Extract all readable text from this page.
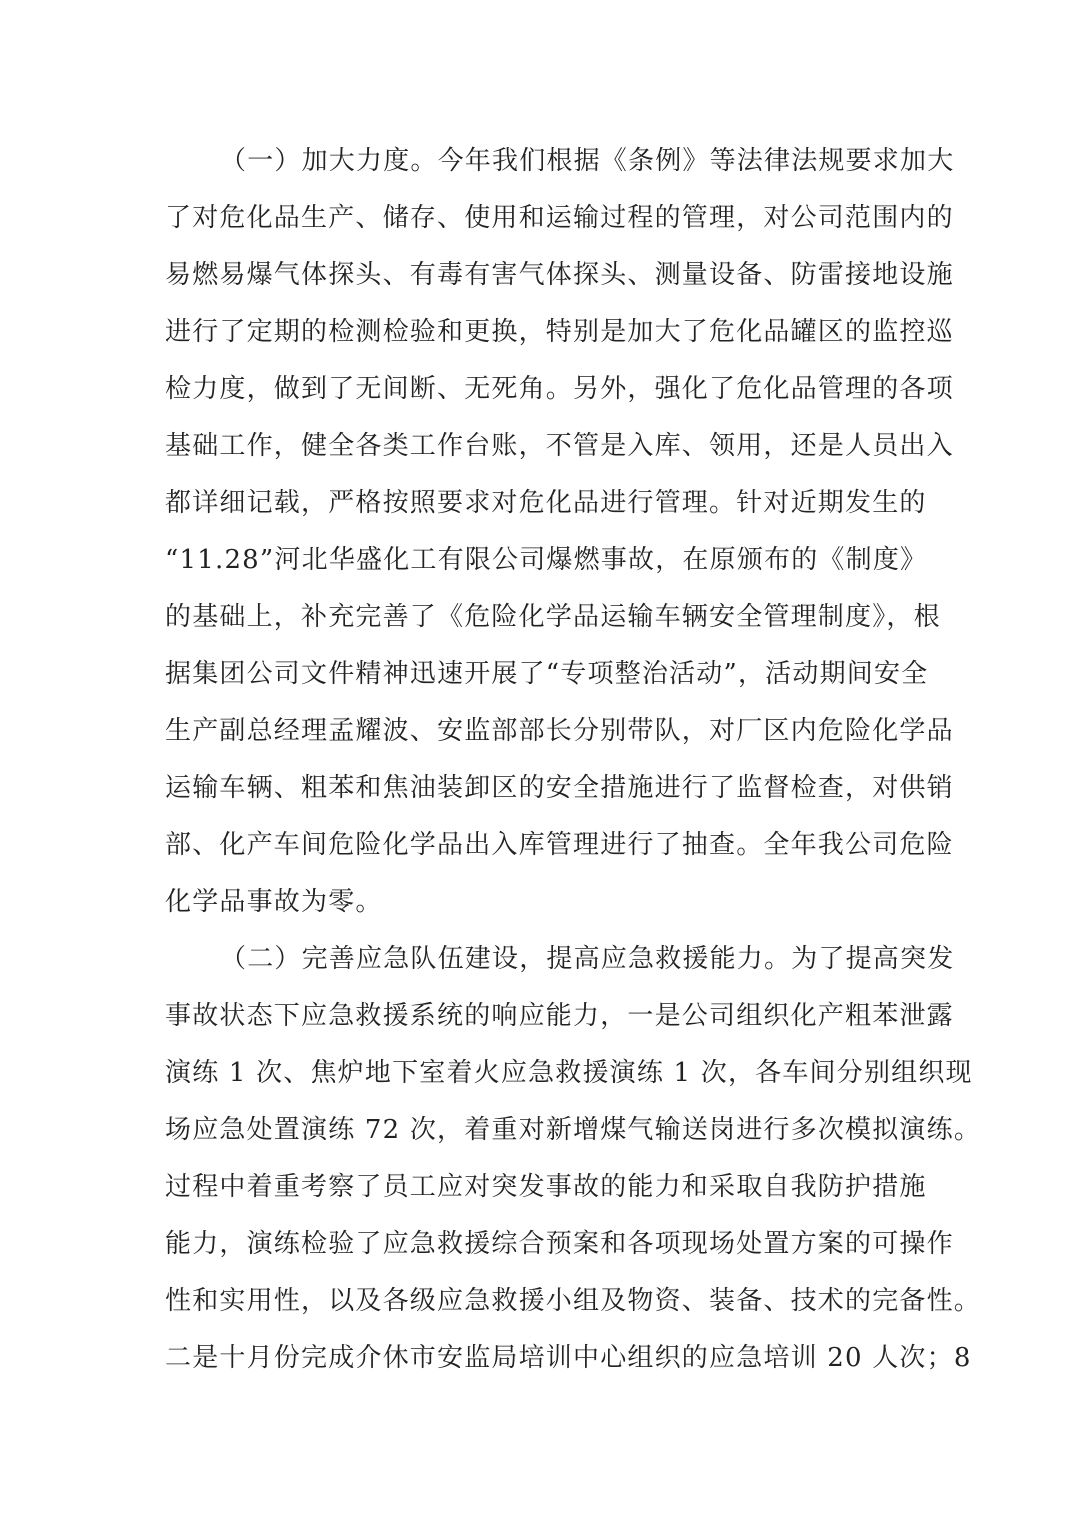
（一）加大力度。今年我们根据《条例》等法律法规要求加大
了对危化品生产、储存、使用和运输过程的管理，对公司范围内的
易燃易爆气体探头、有毒有害气体探头、测量设备、防雷接地设施
进行了定期的检测检验和更换，特别是加大了危化品罐区的监控巡
检力度，做到了无间断、无死角。另外，强化了危化品管理的各项
基础工作，健全各类工作台账，不管是入库、领用，还是人员出入
都详细记载，严格按照要求对危化品进行管理。针对近期发生的
“11.28”河北华盛化工有限公司爆燃事故，在原颁布的《制度》
的基础上，补充完善了《危险化学品运输车辆安全管理制度》，根
据集团公司文件精神迅速开展了“专项整治活动”，活动期间安全
生产副总经理孟耀波、安监部部长分别带队，对厂区内危险化学品
运输车辆、粗苯和焦油装卸区的安全措施进行了监督检查，对供销
部、化产车间危险化学品出入库管理进行了抽查。全年我公司危险
化学品事故为零。
（二）完善应急队伍建设，提高应急救援能力。为了提高突发
事故状态下应急救援系统的响应能力，一是公司组织化产粗苯泄露
演练 1 次、焦炉地下室着火应急救援演练 1 次，各车间分别组织现
场应急处置演练 72 次，着重对新增煤气输送岗进行多次模拟演练。
过程中着重考察了员工应对突发事故的能力和采取自我防护措施
能力，演练检验了应急救援综合预案和各项现场处置方案的可操作
性和实用性，以及各级应急救援小组及物资、装备、技术的完备性。
二是十月份完成介休市安监局培训中心组织的应急培训 20 人次；8
